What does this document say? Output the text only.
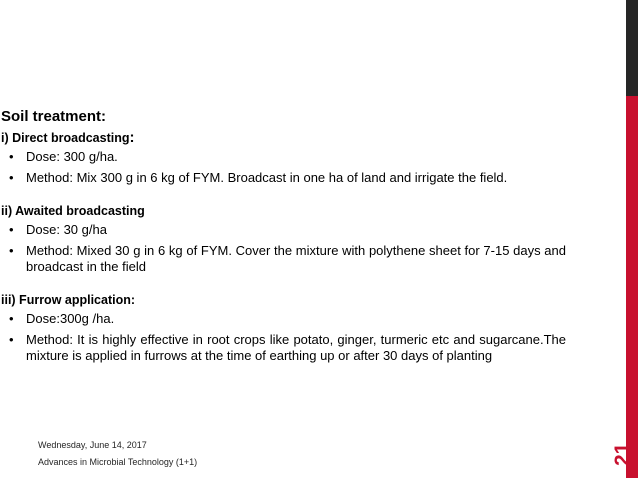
Soil treatment:
i) Direct broadcasting:
• Dose: 300 g/ha.
• Method: Mix 300 g in 6 kg of FYM. Broadcast in one ha of land and irrigate the field.
ii) Awaited broadcasting
• Dose: 30 g/ha
• Method: Mixed 30 g in 6 kg of FYM. Cover the mixture with polythene sheet for 7-15 days and broadcast in the field
iii) Furrow application:
• Dose:300g /ha.
• Method: It is highly effective in root crops like potato, ginger, turmeric etc and sugarcane.The mixture is applied in furrows at the time of earthing up or after 30 days of planting
Wednesday, June 14, 2017
Advances in Microbial Technology (1+1)	21
